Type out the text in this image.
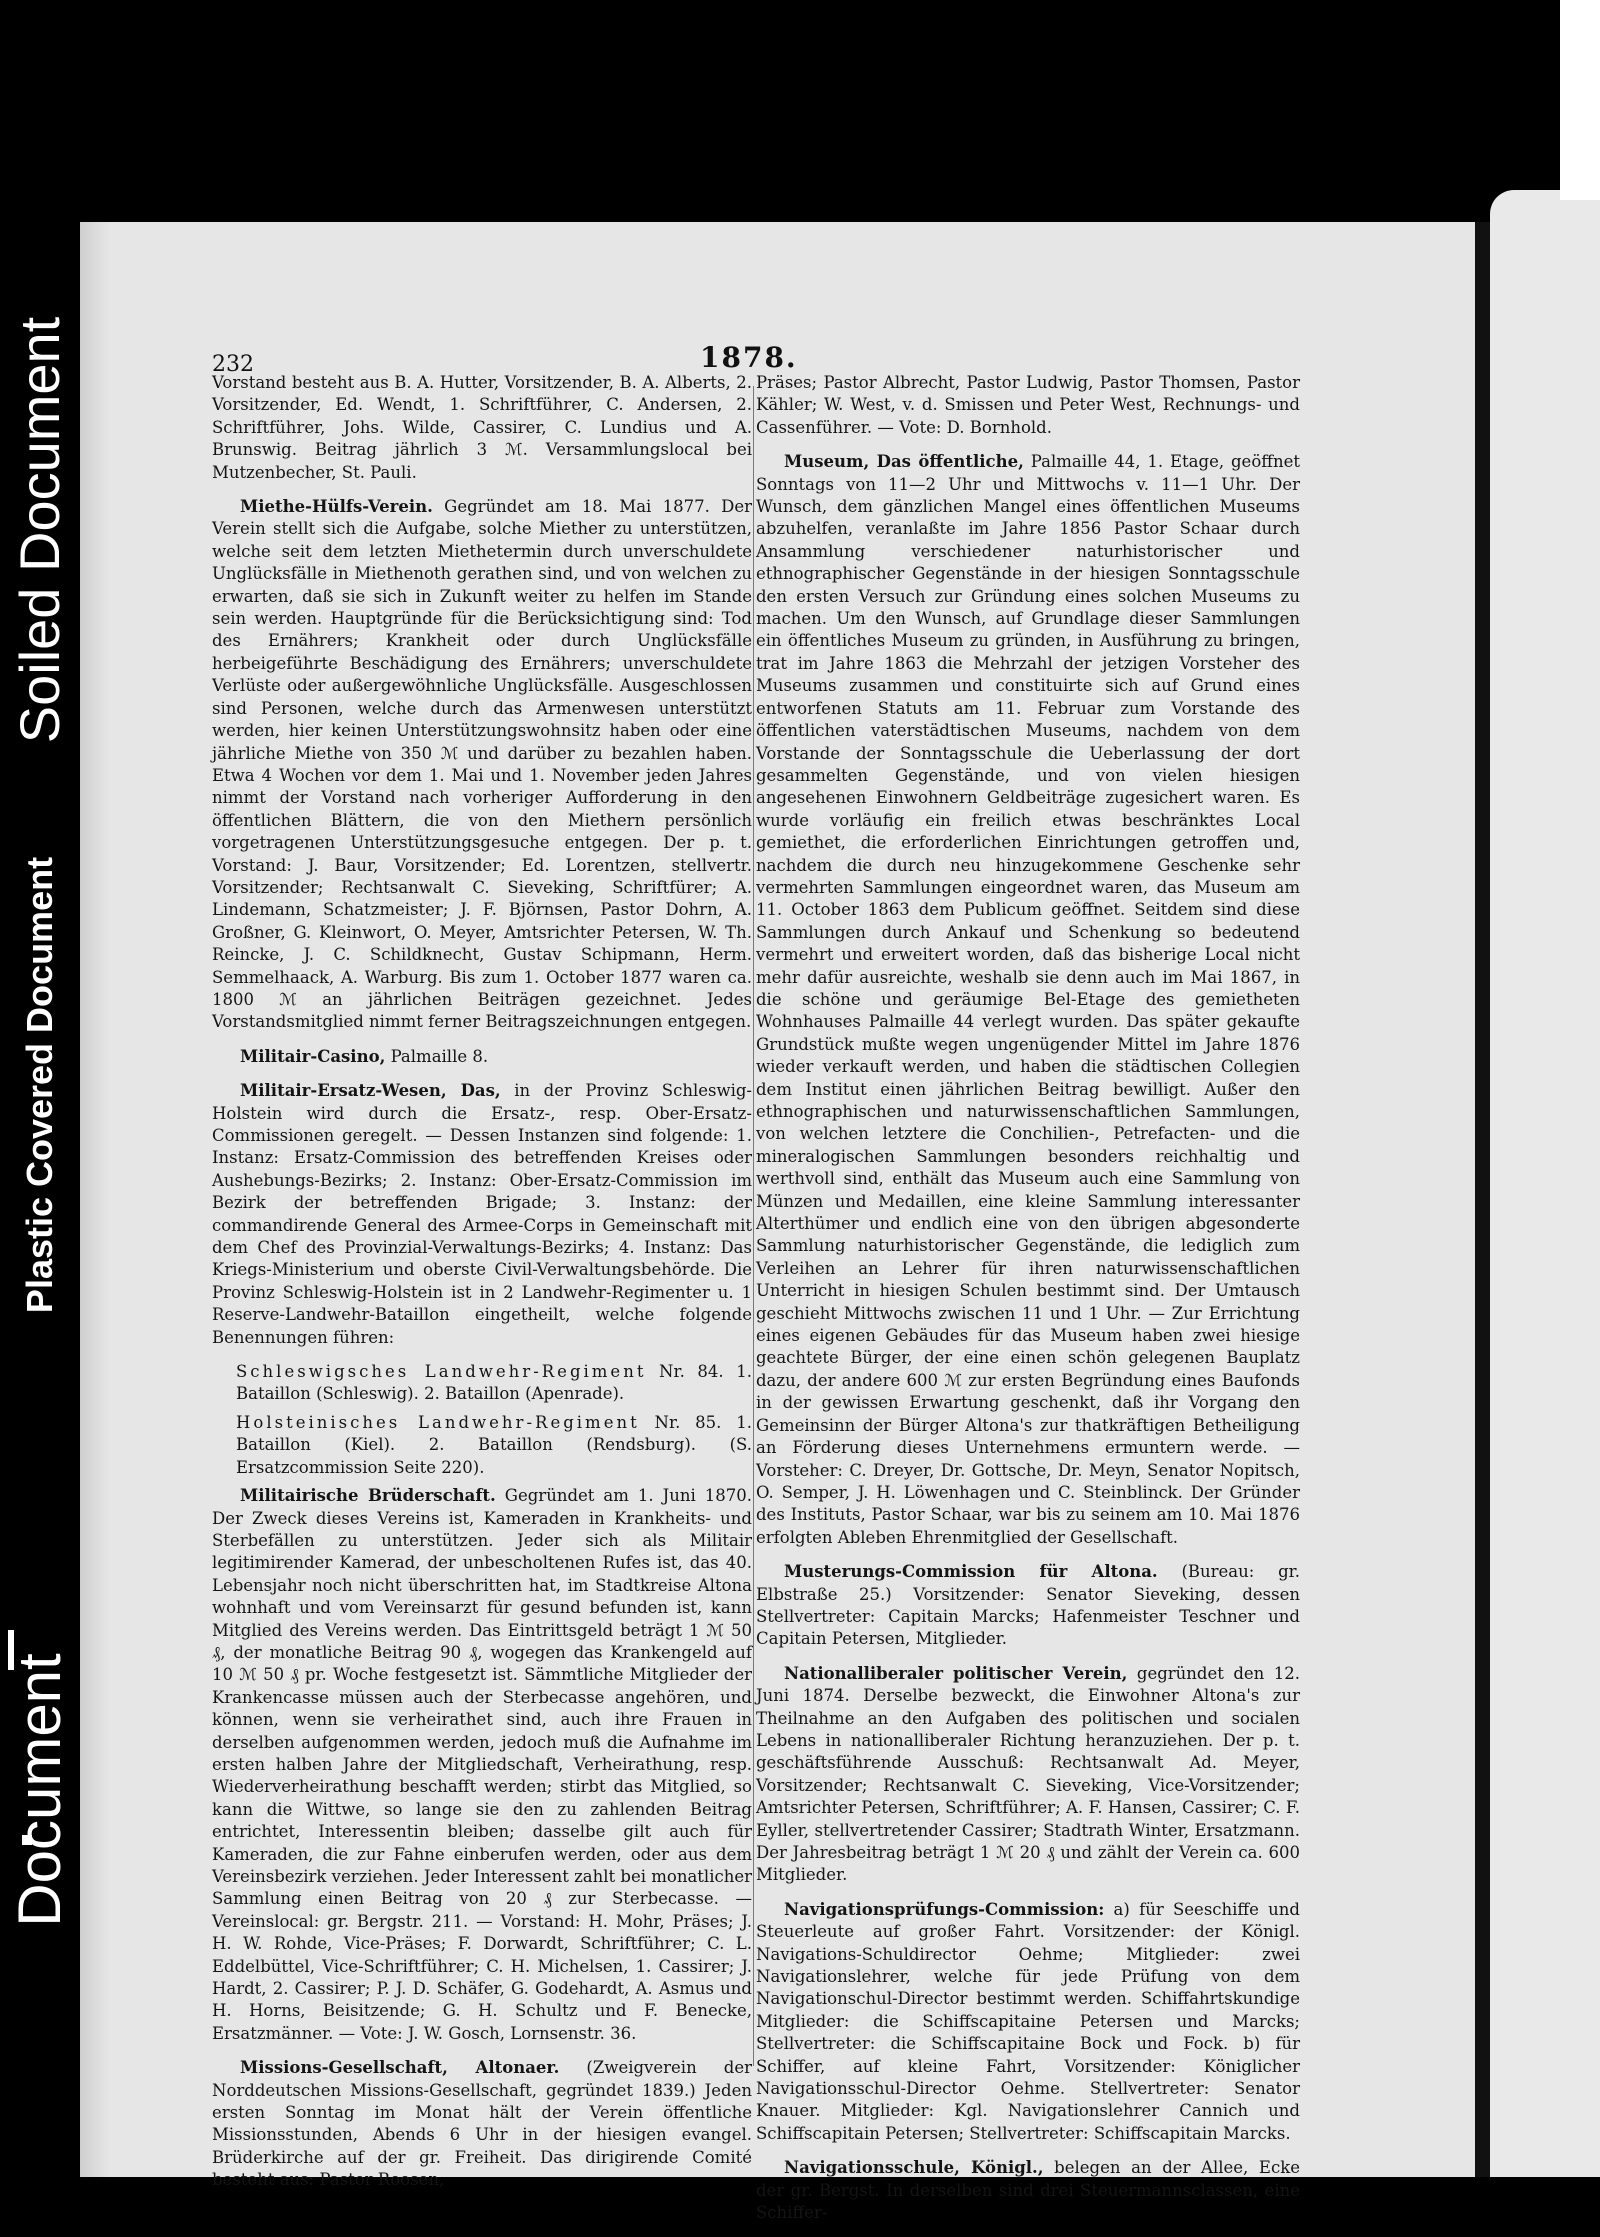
Soiled Document
Plastic Covered Document
Document
232	1878.

Vorstand besteht aus B. A. Hutter, Vorsitzender, B. A. Alberts, 2. Vorsitzender, Ed. Wendt, 1. Schriftführer, C. Andersen, 2. Schriftführer, Johs. Wilde, Cassirer, C. Lundius und A. Brunswig. Beitrag jährlich 3 ℳ. Versammlungslocal bei Mutzenbecher, St. Pauli.

Miethe-Hülfs-Verein. Gegründet am 18. Mai 1877. Der Verein stellt sich die Aufgabe, solche Miether zu unterstützen, welche seit dem letzten Miethetermin durch unverschuldete Unglücksfälle in Miethenoth gerathen sind, und von welchen zu erwarten, daß sie sich in Zukunft weiter zu helfen im Stande sein werden. Hauptgründe für die Berücksichtigung sind: Tod des Ernährers; Krankheit oder durch Unglücksfälle herbeigeführte Beschädigung des Ernährers; unverschuldete Verlüste oder außergewöhnliche Unglücksfälle. Ausgeschlossen sind Personen, welche durch das Armenwesen unterstützt werden, hier keinen Unterstützungswohnsitz haben oder eine jährliche Miethe von 350 ℳ und darüber zu bezahlen haben. Etwa 4 Wochen vor dem 1. Mai und 1. November jeden Jahres nimmt der Vorstand nach vorheriger Aufforderung in den öffentlichen Blättern, die von den Miethern persönlich vorgetragenen Unterstützungsgesuche entgegen. Der p. t. Vorstand: J. Baur, Vorsitzender; Ed. Lorentzen, stellvertr. Vorsitzender; Rechtsanwalt C. Sieveking, Schriftfürer; A. Lindemann, Schatzmeister; J. F. Björnsen, Pastor Dohrn, A. Großner, G. Kleinwort, O. Meyer, Amtsrichter Petersen, W. Th. Reincke, J. C. Schildknecht, Gustav Schipmann, Herm. Semmelhaack, A. Warburg. Bis zum 1. October 1877 waren ca. 1800 ℳ an jährlichen Beiträgen gezeichnet. Jedes Vorstandsmitglied nimmt ferner Beitragszeichnungen entgegen.

Militair-Casino, Palmaille 8.

Militair-Ersatz-Wesen, Das, in der Provinz Schleswig-Holstein wird durch die Ersatz-, resp. Ober-Ersatz-Commissionen geregelt. — Dessen Instanzen sind folgende: 1. Instanz: Ersatz-Commission des betreffenden Kreises oder Aushebungs-Bezirks; 2. Instanz: Ober-Ersatz-Commission im Bezirk der betreffenden Brigade; 3. Instanz: der commandirende General des Armee-Corps in Gemeinschaft mit dem Chef des Provinzial-Verwaltungs-Bezirks; 4. Instanz: Das Kriegs-Ministerium und oberste Civil-Verwaltungsbehörde. Die Provinz Schleswig-Holstein ist in 2 Landwehr-Regimenter u. 1 Reserve-Landwehr-Bataillon eingetheilt, welche folgende Benennungen führen:

Schleswigsches Landwehr-Regiment Nr. 84. 1. Bataillon (Schleswig). 2. Bataillon (Apenrade).

Holsteinisches Landwehr-Regiment Nr. 85. 1. Bataillon (Kiel). 2. Bataillon (Rendsburg). (S. Ersatzcommission Seite 220).

Militairische Brüderschaft. Gegründet am 1. Juni 1870. Der Zweck dieses Vereins ist, Kameraden in Krankheits- und Sterbefällen zu unterstützen. Jeder sich als Militair legitimirender Kamerad, der unbescholtenen Rufes ist, das 40. Lebensjahr noch nicht überschritten hat, im Stadtkreise Altona wohnhaft und vom Vereinsarzt für gesund befunden ist, kann Mitglied des Vereins werden. Das Eintrittsgeld beträgt 1 ℳ 50 ₰, der monatliche Beitrag 90 ₰, wogegen das Krankengeld auf 10 ℳ 50 ₰ pr. Woche festgesetzt ist. Sämmtliche Mitglieder der Krankencasse müssen auch der Sterbecasse angehören, und können, wenn sie verheirathet sind, auch ihre Frauen in derselben aufgenommen werden, jedoch muß die Aufnahme im ersten halben Jahre der Mitgliedschaft, Verheirathung, resp. Wiederverheirathung beschafft werden; stirbt das Mitglied, so kann die Wittwe, so lange sie den zu zahlenden Beitrag entrichtet, Interessentin bleiben; dasselbe gilt auch für Kameraden, die zur Fahne einberufen werden, oder aus dem Vereinsbezirk verziehen. Jeder Interessent zahlt bei monatlicher Sammlung einen Beitrag von 20 ₰ zur Sterbecasse. — Vereinslocal: gr. Bergstr. 211. — Vorstand: H. Mohr, Präses; J. H. W. Rohde, Vice-Präses; F. Dorwardt, Schriftführer; C. L. Eddelbüttel, Vice-Schriftführer; C. H. Michelsen, 1. Cassirer; J. Hardt, 2. Cassirer; P. J. D. Schäfer, G. Godehardt, A. Asmus und H. Horns, Beisitzende; G. H. Schultz und F. Benecke, Ersatzmänner. — Vote: J. W. Gosch, Lornsenstr. 36.

Missions-Gesellschaft, Altonaer. (Zweigverein der Norddeutschen Missions-Gesellschaft, gegründet 1839.) Jeden ersten Sonntag im Monat hält der Verein öffentliche Missionsstunden, Abends 6 Uhr in der hiesigen evangel. Brüderkirche auf der gr. Freiheit. Das dirigirende Comité besteht aus: Pastor Roosen,

Präses; Pastor Albrecht, Pastor Ludwig, Pastor Thomsen, Pastor Kähler; W. West, v. d. Smissen und Peter West, Rechnungs- und Cassenführer. — Vote: D. Bornhold.

Museum, Das öffentliche, Palmaille 44, 1. Etage, geöffnet Sonntags von 11—2 Uhr und Mittwochs v. 11—1 Uhr. Der Wunsch, dem gänzlichen Mangel eines öffentlichen Museums abzuhelfen, veranlaßte im Jahre 1856 Pastor Schaar durch Ansammlung verschiedener naturhistorischer und ethnographischer Gegenstände in der hiesigen Sonntagsschule den ersten Versuch zur Gründung eines solchen Museums zu machen. Um den Wunsch, auf Grundlage dieser Sammlungen ein öffentliches Museum zu gründen, in Ausführung zu bringen, trat im Jahre 1863 die Mehrzahl der jetzigen Vorsteher des Museums zusammen und constituirte sich auf Grund eines entworfenen Statuts am 11. Februar zum Vorstande des öffentlichen vaterstädtischen Museums, nachdem von dem Vorstande der Sonntagsschule die Ueberlassung der dort gesammelten Gegenstände, und von vielen hiesigen angesehenen Einwohnern Geldbeiträge zugesichert waren. Es wurde vorläufig ein freilich etwas beschränktes Local gemiethet, die erforderlichen Einrichtungen getroffen und, nachdem die durch neu hinzugekommene Geschenke sehr vermehrten Sammlungen eingeordnet waren, das Museum am 11. October 1863 dem Publicum geöffnet. Seitdem sind diese Sammlungen durch Ankauf und Schenkung so bedeutend vermehrt und erweitert worden, daß das bisherige Local nicht mehr dafür ausreichte, weshalb sie denn auch im Mai 1867, in die schöne und geräumige Bel-Etage des gemietheten Wohnhauses Palmaille 44 verlegt wurden. Das später gekaufte Grundstück mußte wegen ungenügender Mittel im Jahre 1876 wieder verkauft werden, und haben die städtischen Collegien dem Institut einen jährlichen Beitrag bewilligt. Außer den ethnographischen und naturwissenschaftlichen Sammlungen, von welchen letztere die Conchilien-, Petrefacten- und die mineralogischen Sammlungen besonders reichhaltig und werthvoll sind, enthält das Museum auch eine Sammlung von Münzen und Medaillen, eine kleine Sammlung interessanter Alterthümer und endlich eine von den übrigen abgesonderte Sammlung naturhistorischer Gegenstände, die lediglich zum Verleihen an Lehrer für ihren naturwissenschaftlichen Unterricht in hiesigen Schulen bestimmt sind. Der Umtausch geschieht Mittwochs zwischen 11 und 1 Uhr. — Zur Errichtung eines eigenen Gebäudes für das Museum haben zwei hiesige geachtete Bürger, der eine einen schön gelegenen Bauplatz dazu, der andere 600 ℳ zur ersten Begründung eines Baufonds in der gewissen Erwartung geschenkt, daß ihr Vorgang den Gemeinsinn der Bürger Altona's zur thatkräftigen Betheiligung an Förderung dieses Unternehmens ermuntern werde. — Vorsteher: C. Dreyer, Dr. Gottsche, Dr. Meyn, Senator Nopitsch, O. Semper, J. H. Löwenhagen und C. Steinblinck. Der Gründer des Instituts, Pastor Schaar, war bis zu seinem am 10. Mai 1876 erfolgten Ableben Ehrenmitglied der Gesellschaft.

Musterungs-Commission für Altona. (Bureau: gr. Elbstraße 25.) Vorsitzender: Senator Sieveking, dessen Stellvertreter: Capitain Marcks; Hafenmeister Teschner und Capitain Petersen, Mitglieder.

Nationalliberaler politischer Verein, gegründet den 12. Juni 1874. Derselbe bezweckt, die Einwohner Altona's zur Theilnahme an den Aufgaben des politischen und socialen Lebens in nationalliberaler Richtung heranzuziehen. Der p. t. geschäftsführende Ausschuß: Rechtsanwalt Ad. Meyer, Vorsitzender; Rechtsanwalt C. Sieveking, Vice-Vorsitzender; Amtsrichter Petersen, Schriftführer; A. F. Hansen, Cassirer; C. F. Eyller, stellvertretender Cassirer; Stadtrath Winter, Ersatzmann. Der Jahresbeitrag beträgt 1 ℳ 20 ₰ und zählt der Verein ca. 600 Mitglieder.

Navigationsprüfungs-Commission: a) für Seeschiffe und Steuerleute auf großer Fahrt. Vorsitzender: der Königl. Navigations-Schuldirector Oehme; Mitglieder: zwei Navigationslehrer, welche für jede Prüfung von dem Navigationschul-Director bestimmt werden. Schiffahrtskundige Mitglieder: die Schiffscapitaine Petersen und Marcks; Stellvertreter: die Schiffscapitaine Bock und Fock. b) für Schiffer, auf kleine Fahrt, Vorsitzender: Königlicher Navigationsschul-Director Oehme. Stellvertreter: Senator Knauer. Mitglieder: Kgl. Navigationslehrer Cannich und Schiffscapitain Petersen; Stellvertreter: Schiffscapitain Marcks.

Navigationsschule, Königl., belegen an der Allee, Ecke der gr. Bergst. In derselben sind drei Steuermannsclassen, eine Schiffer-
